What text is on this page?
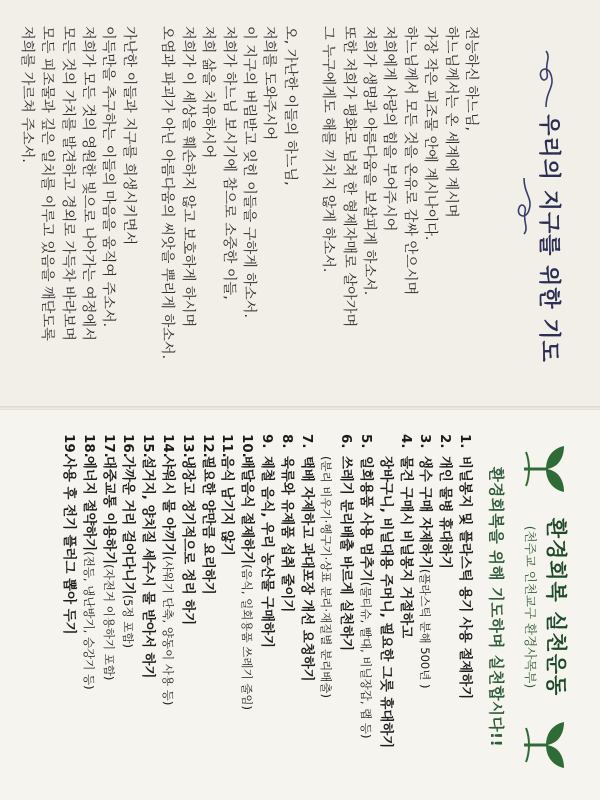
우리의 지구를 위한 기도
전능하신 하느님,
하느님께서는 온 세계에 계시며
가장 작은 피조물 안에 계시나이다.
하느님께서 모든 것을 온유로 감싸 안으시며
저희에게 사랑의 힘을 부어주시어
저희가 생명과 아름다움을 보살피게 하소서.
또한 저희가 평화로 넘쳐 한 형제자매로 살아가며
그 누구에게도 해를 끼치지 않게 하소서.
오, 가난한 이들의 하느님,
저희를 도와주시어
이 지구의 버림받고 잊힌 이들을 구하게 하소서.
저희가 하느님 보시기에 참으로 소중한 이들,
저희 삶을 치유하시어
저희가 이 세상을 훼손하지 않고 보호하게 하시며
오염과 파괴가 아닌 아름다움의 씨앗을 뿌리게 하소서.
가난한 이들과 지구를 희생시키면서
이득만을 추구하는 이들의 마음을 움직여 주소서.
저희가 모든 것의 영원한 빛으로 나아가는 여정에서
모든 것의 가치를 발견하고 경외로 가득차 바라보며
모든 피조물과 깊은 일치를 이루고 있음을 깨닫도록
저희를 가르쳐 주소서.
환경회복 실천운동
(천주교 인천교구 환경사목부)
환경회복을 위해 기도하며 실천합시다!!
1.비닐봉지 및 플라스틱 용기 사용 절제하기
2.개인 물병 휴대하기
3.생수 구매 자제하기(플라스틱 분해 500년 )
4.물건 구매시 비닐봉지 거절하고
장바구니, 비닐대용 주머니, 필요한 그릇 휴대하기
5.일회용품 사용 멈추기(물티슈, 빨대, 비닐장갑, 랩 등)
6.쓰레기 분리배출 바르게 실천하기
(분리 비우기·헹구기·상표 분리·재질별 분리배출)
7.택배 자제하고 과대포장 개선 요청하기
8.육류와 유제품 섭취 줄이기
9.제철 음식, 우리 농산물 구매하기
10.배달음식 절제하기(음식, 일회용품 쓰레기 줄임)
11.음식 남기지 않기
12.필요한 양만큼 요리하기
13.냉장고 정기적으로 정리 하기
14.샤워시 물 아끼기(샤워기 단축, 양동이 사용 등)
15.설거지, 양치질 세수시 물 받아서 하기
16.가까운 거리 걸어다니기(5정 포함)
17.대중교통 이용하기(자전거 이용하기 포함)
18.에너지 절약하기(전등, 냉난방기, 승강기 등)
19.사용 후 전기 플러그 뽑아 두기
